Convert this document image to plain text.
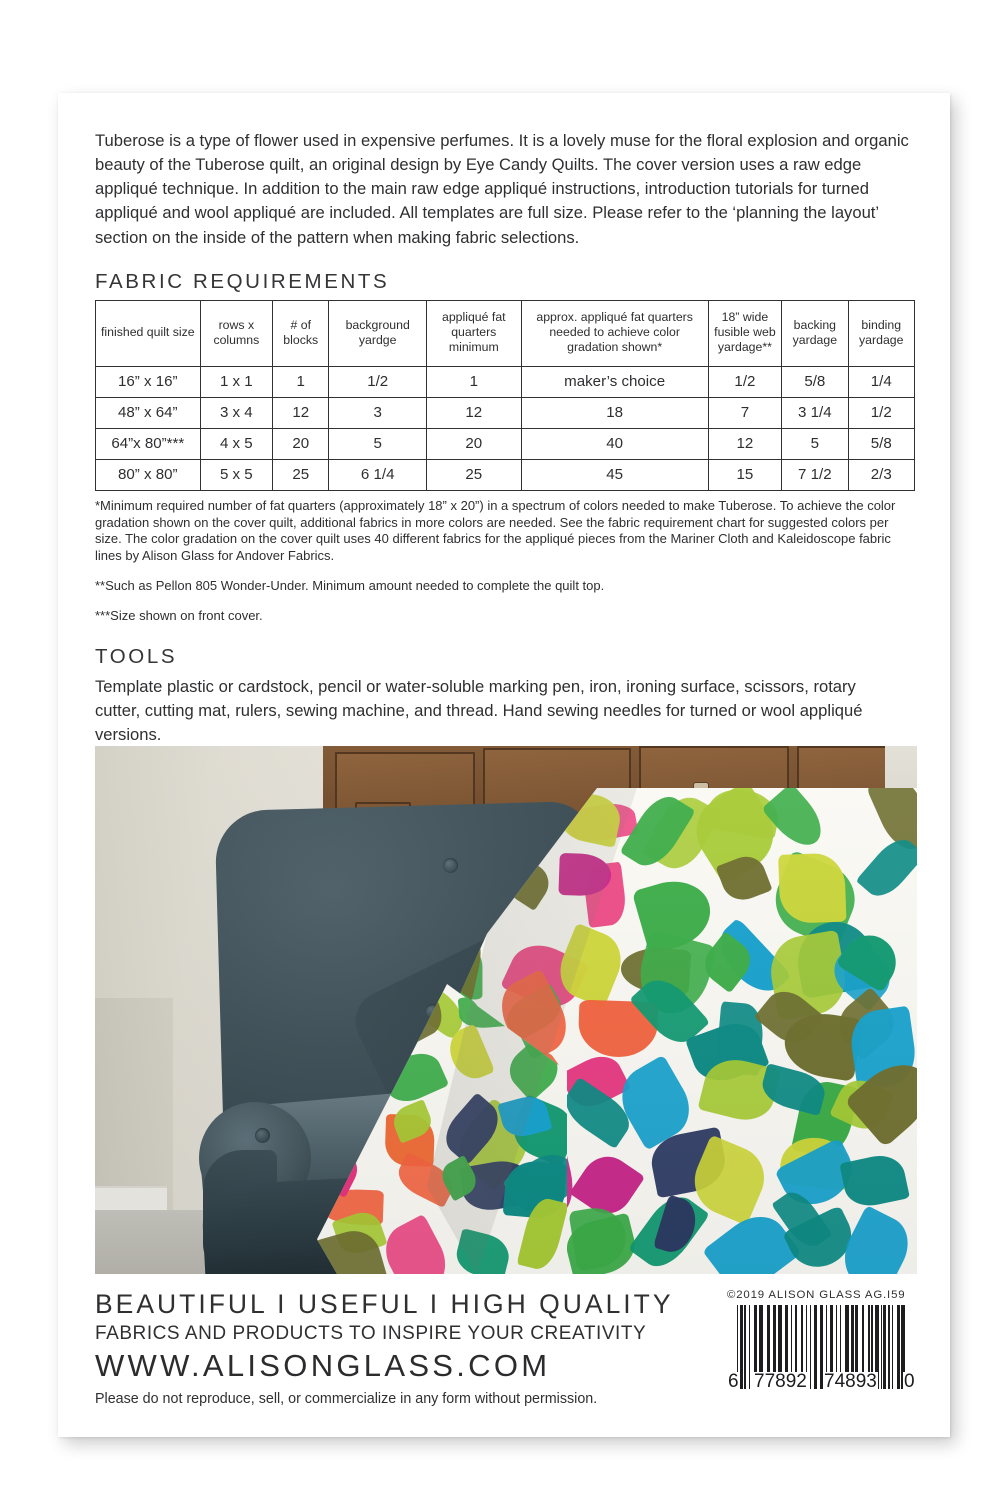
Tuberose is a type of flower used in expensive perfumes. It is a lovely muse for the floral explosion and organic beauty of the Tuberose quilt, an original design by Eye Candy Quilts. The cover version uses a raw edge appliqué technique. In addition to the main raw edge appliqué instructions, introduction tutorials for turned appliqué and wool appliqué are included. All templates are full size. Please refer to the ‘planning the layout’ section on the inside of the pattern when making fabric selections.

FABRIC REQUIREMENTS
finished quilt size	rows x columns	# of blocks	background yardge	appliqué fat quarters minimum	approx. appliqué fat quarters needed to achieve color gradation shown*	18” wide fusible web yardage**	backing yardage	binding yardage
16” x 16”	1 x 1	1	1/2	1	maker’s choice	1/2	5/8	1/4
48” x 64”	3 x 4	12	3	12	18	7	3 1/4	1/2
64”x 80”***	4 x 5	20	5	20	40	12	5	5/8
80” x 80”	5 x 5	25	6 1/4	25	45	15	7 1/2	2/3

*Minimum required number of fat quarters (approximately 18” x 20”) in a spectrum of colors needed to make Tuberose. To achieve the color gradation shown on the cover quilt, additional fabrics in more colors are needed. See the fabric requirement chart for suggested colors per size. The color gradation on the cover quilt uses 40 different fabrics for the appliqué pieces from the Mariner Cloth and Kaleidoscope fabric lines by Alison Glass for Andover Fabrics.

**Such as Pellon 805 Wonder-Under. Minimum amount needed to complete the quilt top.

***Size shown on front cover.

TOOLS

Template plastic or cardstock, pencil or water-soluble marking pen, iron, ironing surface, scissors, rotary cutter, cutting mat, rulers, sewing machine, and thread. Hand sewing needles for turned or wool appliqué versions.

BEAUTIFUL I USEFUL I HIGH QUALITY
FABRICS AND PRODUCTS TO INSPIRE YOUR CREATIVITY
WWW.ALISONGLASS.COM
Please do not reproduce, sell, or commercialize in any form without permission.
©2019 ALISON GLASS AG.I59
6 77892 74893 0
